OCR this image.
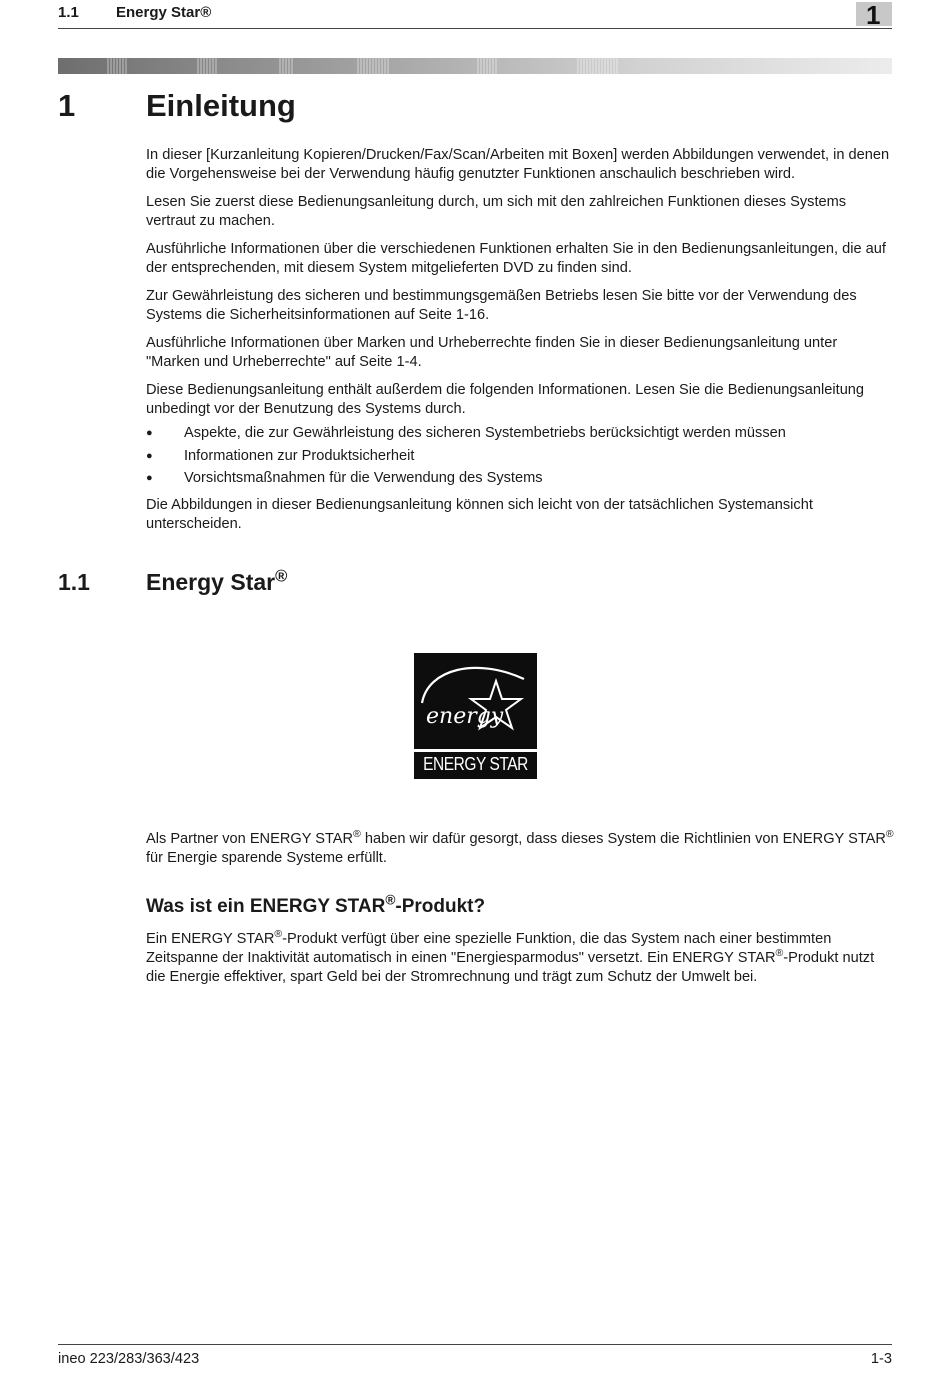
1.1 Energy Star®	1
1 Einleitung

In dieser [Kurzanleitung Kopieren/Drucken/Fax/Scan/Arbeiten mit Boxen] werden Abbildungen verwendet, in denen die Vorgehensweise bei der Verwendung häufig genutzter Funktionen anschaulich beschrieben wird.

Lesen Sie zuerst diese Bedienungsanleitung durch, um sich mit den zahlreichen Funktionen dieses Systems vertraut zu machen.

Ausführliche Informationen über die verschiedenen Funktionen erhalten Sie in den Bedienungsanleitungen, die auf der entsprechenden, mit diesem System mitgelieferten DVD zu finden sind.

Zur Gewährleistung des sicheren und bestimmungsgemäßen Betriebs lesen Sie bitte vor der Verwendung des Systems die Sicherheitsinformationen auf Seite 1-16.

Ausführliche Informationen über Marken und Urheberrechte finden Sie in dieser Bedienungsanleitung unter "Marken und Urheberrechte" auf Seite 1-4.

Diese Bedienungsanleitung enthält außerdem die folgenden Informationen. Lesen Sie die Bedienungsanleitung unbedingt vor der Benutzung des Systems durch.

● Aspekte, die zur Gewährleistung des sicheren Systembetriebs berücksichtigt werden müssen
● Informationen zur Produktsicherheit
● Vorsichtsmaßnahmen für die Verwendung des Systems

Die Abbildungen in dieser Bedienungsanleitung können sich leicht von der tatsächlichen Systemansicht unterscheiden.

1.1 Energy Star®
energy
ENERGY STAR

Als Partner von ENERGY STAR® haben wir dafür gesorgt, dass dieses System die Richtlinien von ENERGY STAR® für Energie sparende Systeme erfüllt.

Was ist ein ENERGY STAR®-Produkt?

Ein ENERGY STAR®-Produkt verfügt über eine spezielle Funktion, die das System nach einer bestimmten Zeitspanne der Inaktivität automatisch in einen "Energiesparmodus" versetzt. Ein ENERGY STAR®-Produkt nutzt die Energie effektiver, spart Geld bei der Stromrechnung und trägt zum Schutz der Umwelt bei.

ineo 223/283/363/423	1-3
